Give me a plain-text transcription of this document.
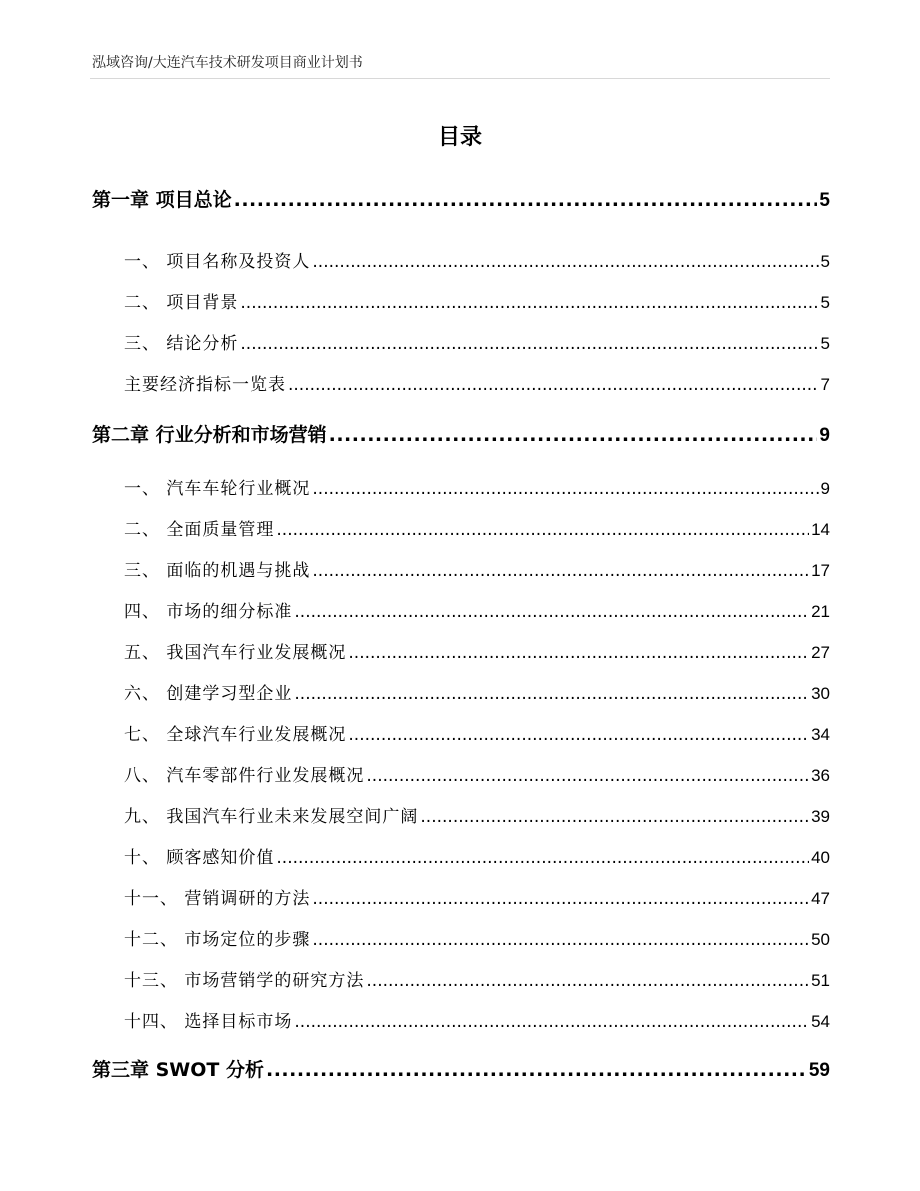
泓域咨询/大连汽车技术研发项目商业计划书
目录
第一章 项目总论 .....	5
一、 项目名称及投资人 .....	5
二、 项目背景 .....	5
三、 结论分析 .....	5
主要经济指标一览表 .....	7
第二章 行业分析和市场营销 .....	9
一、 汽车车轮行业概况 .....	9
二、 全面质量管理 .....	14
三、 面临的机遇与挑战 .....	17
四、 市场的细分标准 .....	21
五、 我国汽车行业发展概况 .....	27
六、 创建学习型企业 .....	30
七、 全球汽车行业发展概况 .....	34
八、 汽车零部件行业发展概况 .....	36
九、 我国汽车行业未来发展空间广阔 .....	39
十、 顾客感知价值 .....	40
十一、 营销调研的方法 .....	47
十二、 市场定位的步骤 .....	50
十三、 市场营销学的研究方法 .....	51
十四、 选择目标市场 .....	54
第三章 SWOT 分析 .....	59
